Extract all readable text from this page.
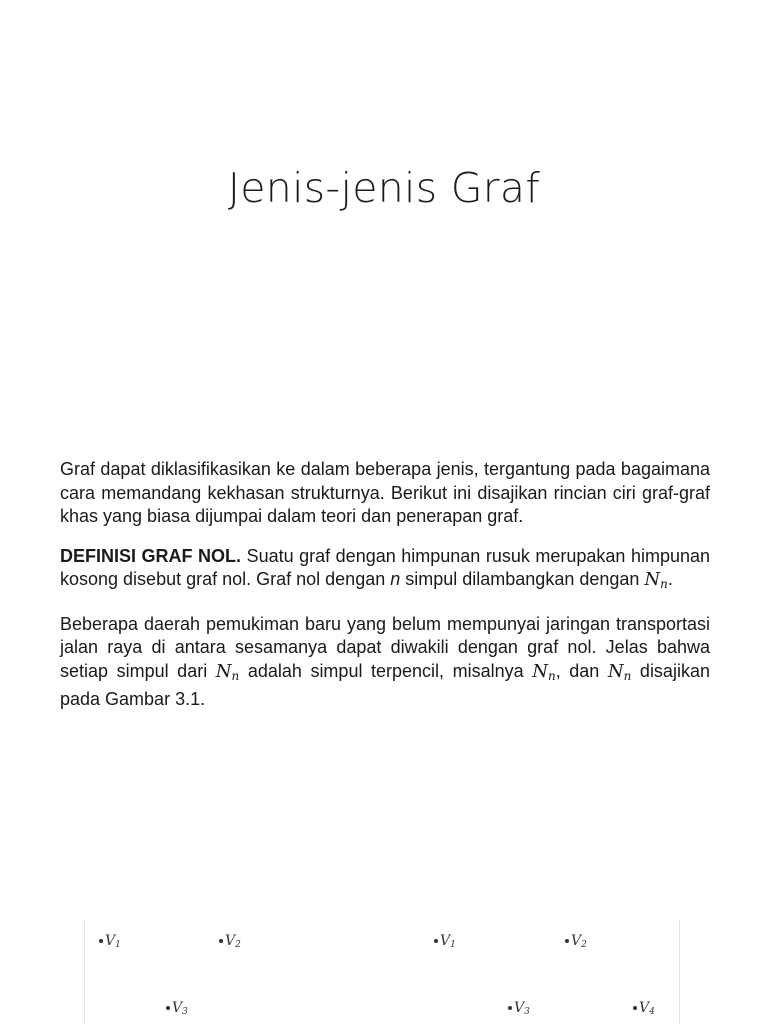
Jenis-jenis Graf

Graf dapat diklasifikasikan ke dalam beberapa jenis, tergantung pada bagaimana cara memandang kekhasan strukturnya. Berikut ini disajikan rincian ciri graf-graf khas yang biasa dijumpai dalam teori dan penerapan graf.

DEFINISI GRAF NOL. Suatu graf dengan himpunan rusuk merupakan himpunan kosong disebut graf nol. Graf nol dengan n simpul dilambangkan dengan $N_n$.

Beberapa daerah pemukiman baru yang belum mempunyai jaringan transportasi jalan raya di antara sesamanya dapat diwakili dengan graf nol. Jelas bahwa setiap simpul dari $N_n$ adalah simpul terpencil, misalnya $N_n$, dan $N_n$ disajikan pada Gambar 3.1.

$V_1$	$V_2$
$V_3$
$V_1$	$V_2$
$V_3$	$V_4$
